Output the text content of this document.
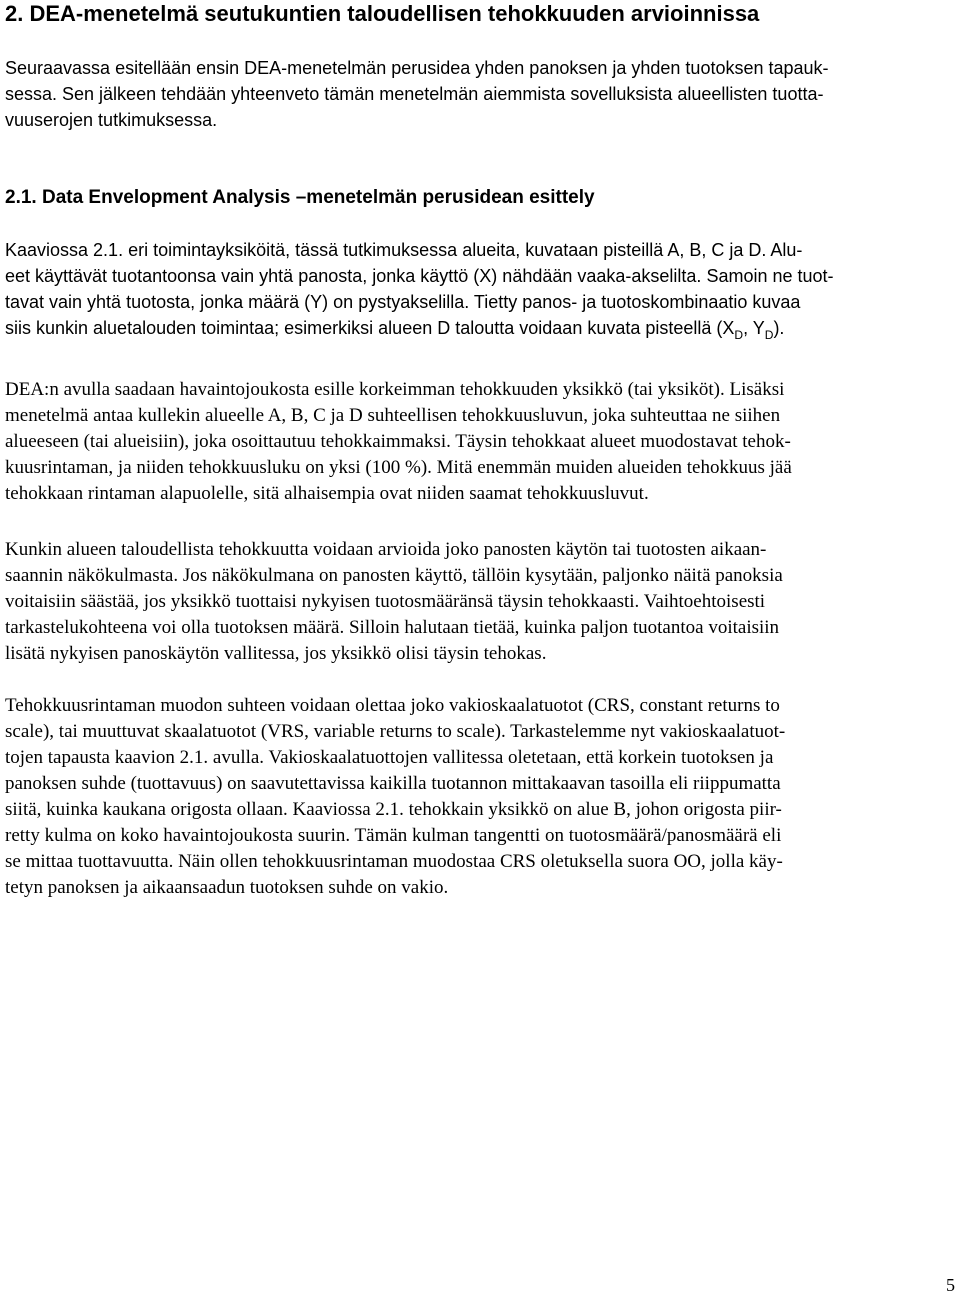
2. DEA-menetelmä seutukuntien taloudellisen tehokkuuden arvioinnissa
Seuraavassa esitellään ensin DEA-menetelmän perusidea yhden panoksen ja yhden tuotoksen tapauk-
sessa. Sen jälkeen tehdään yhteenveto tämän menetelmän aiemmista sovelluksista alueellisten tuotta-
vuuserojen tutkimuksessa.
2.1. Data Envelopment Analysis –menetelmän perusidean esittely
Kaaviossa 2.1. eri toimintayksiköitä, tässä tutkimuksessa alueita, kuvataan pisteillä A, B, C ja D. Alu-
eet käyttävät tuotantoonsa vain yhtä panosta, jonka käyttö (X) nähdään vaaka-akselilta. Samoin ne tuot-
tavat vain yhtä tuotosta, jonka määrä (Y) on pystyakselilla. Tietty panos- ja tuotoskombinaatio kuvaa
siis kunkin aluetalouden toimintaa; esimerkiksi alueen D taloutta voidaan kuvata pisteellä ($X_D$, $Y_D$).
DEA:n avulla saadaan havaintojoukosta esille korkeimman tehokkuuden yksikkö (tai yksiköt). Lisäksi
menetelmä antaa kullekin alueelle A, B, C ja D suhteellisen tehokkuusluvun, joka suhteuttaa ne siihen
alueeseen (tai alueisiin), joka osoittautuu tehokkaimmaksi. Täysin tehokkaat alueet muodostavat tehok-
kuusrintaman, ja niiden tehokkuusluku on yksi (100 %). Mitä enemmän muiden alueiden tehokkuus jää
tehokkaan rintaman alapuolelle, sitä alhaisempia ovat niiden saamat tehokkuusluvut.
Kunkin alueen taloudellista tehokkuutta voidaan arvioida joko panosten käytön tai tuotosten aikaan-
saannin näkökulmasta. Jos näkökulmana on panosten käyttö, tällöin kysytään, paljonko näitä panoksia
voitaisiin säästää, jos yksikkö tuottaisi nykyisen tuotosmääränsä täysin tehokkaasti. Vaihtoehtoisesti
tarkastelukohteena voi olla tuotoksen määrä. Silloin halutaan tietää, kuinka paljon tuotantoa voitaisiin
lisätä nykyisen panoskäytön vallitessa, jos yksikkö olisi täysin tehokas.
Tehokkuusrintaman muodon suhteen voidaan olettaa joko vakioskaalatuotot (CRS, constant returns to
scale), tai muuttuvat skaalatuotot (VRS, variable returns to scale). Tarkastelemme nyt vakioskaalatuot-
tojen tapausta kaavion 2.1. avulla. Vakioskaalatuottojen vallitessa oletetaan, että korkein tuotoksen ja
panoksen suhde (tuottavuus) on saavutettavissa kaikilla tuotannon mittakaavan tasoilla eli riippumatta
siitä, kuinka kaukana origosta ollaan. Kaaviossa 2.1. tehokkain yksikkö on alue B, johon origosta piir-
retty kulma on koko havaintojoukosta suurin. Tämän kulman tangentti on tuotosmäärä/panosmäärä eli
se mittaa tuottavuutta. Näin ollen tehokkuusrintaman muodostaa CRS oletuksella suora OO, jolla käy-
tetyn panoksen ja aikaansaadun tuotoksen suhde on vakio.
5
